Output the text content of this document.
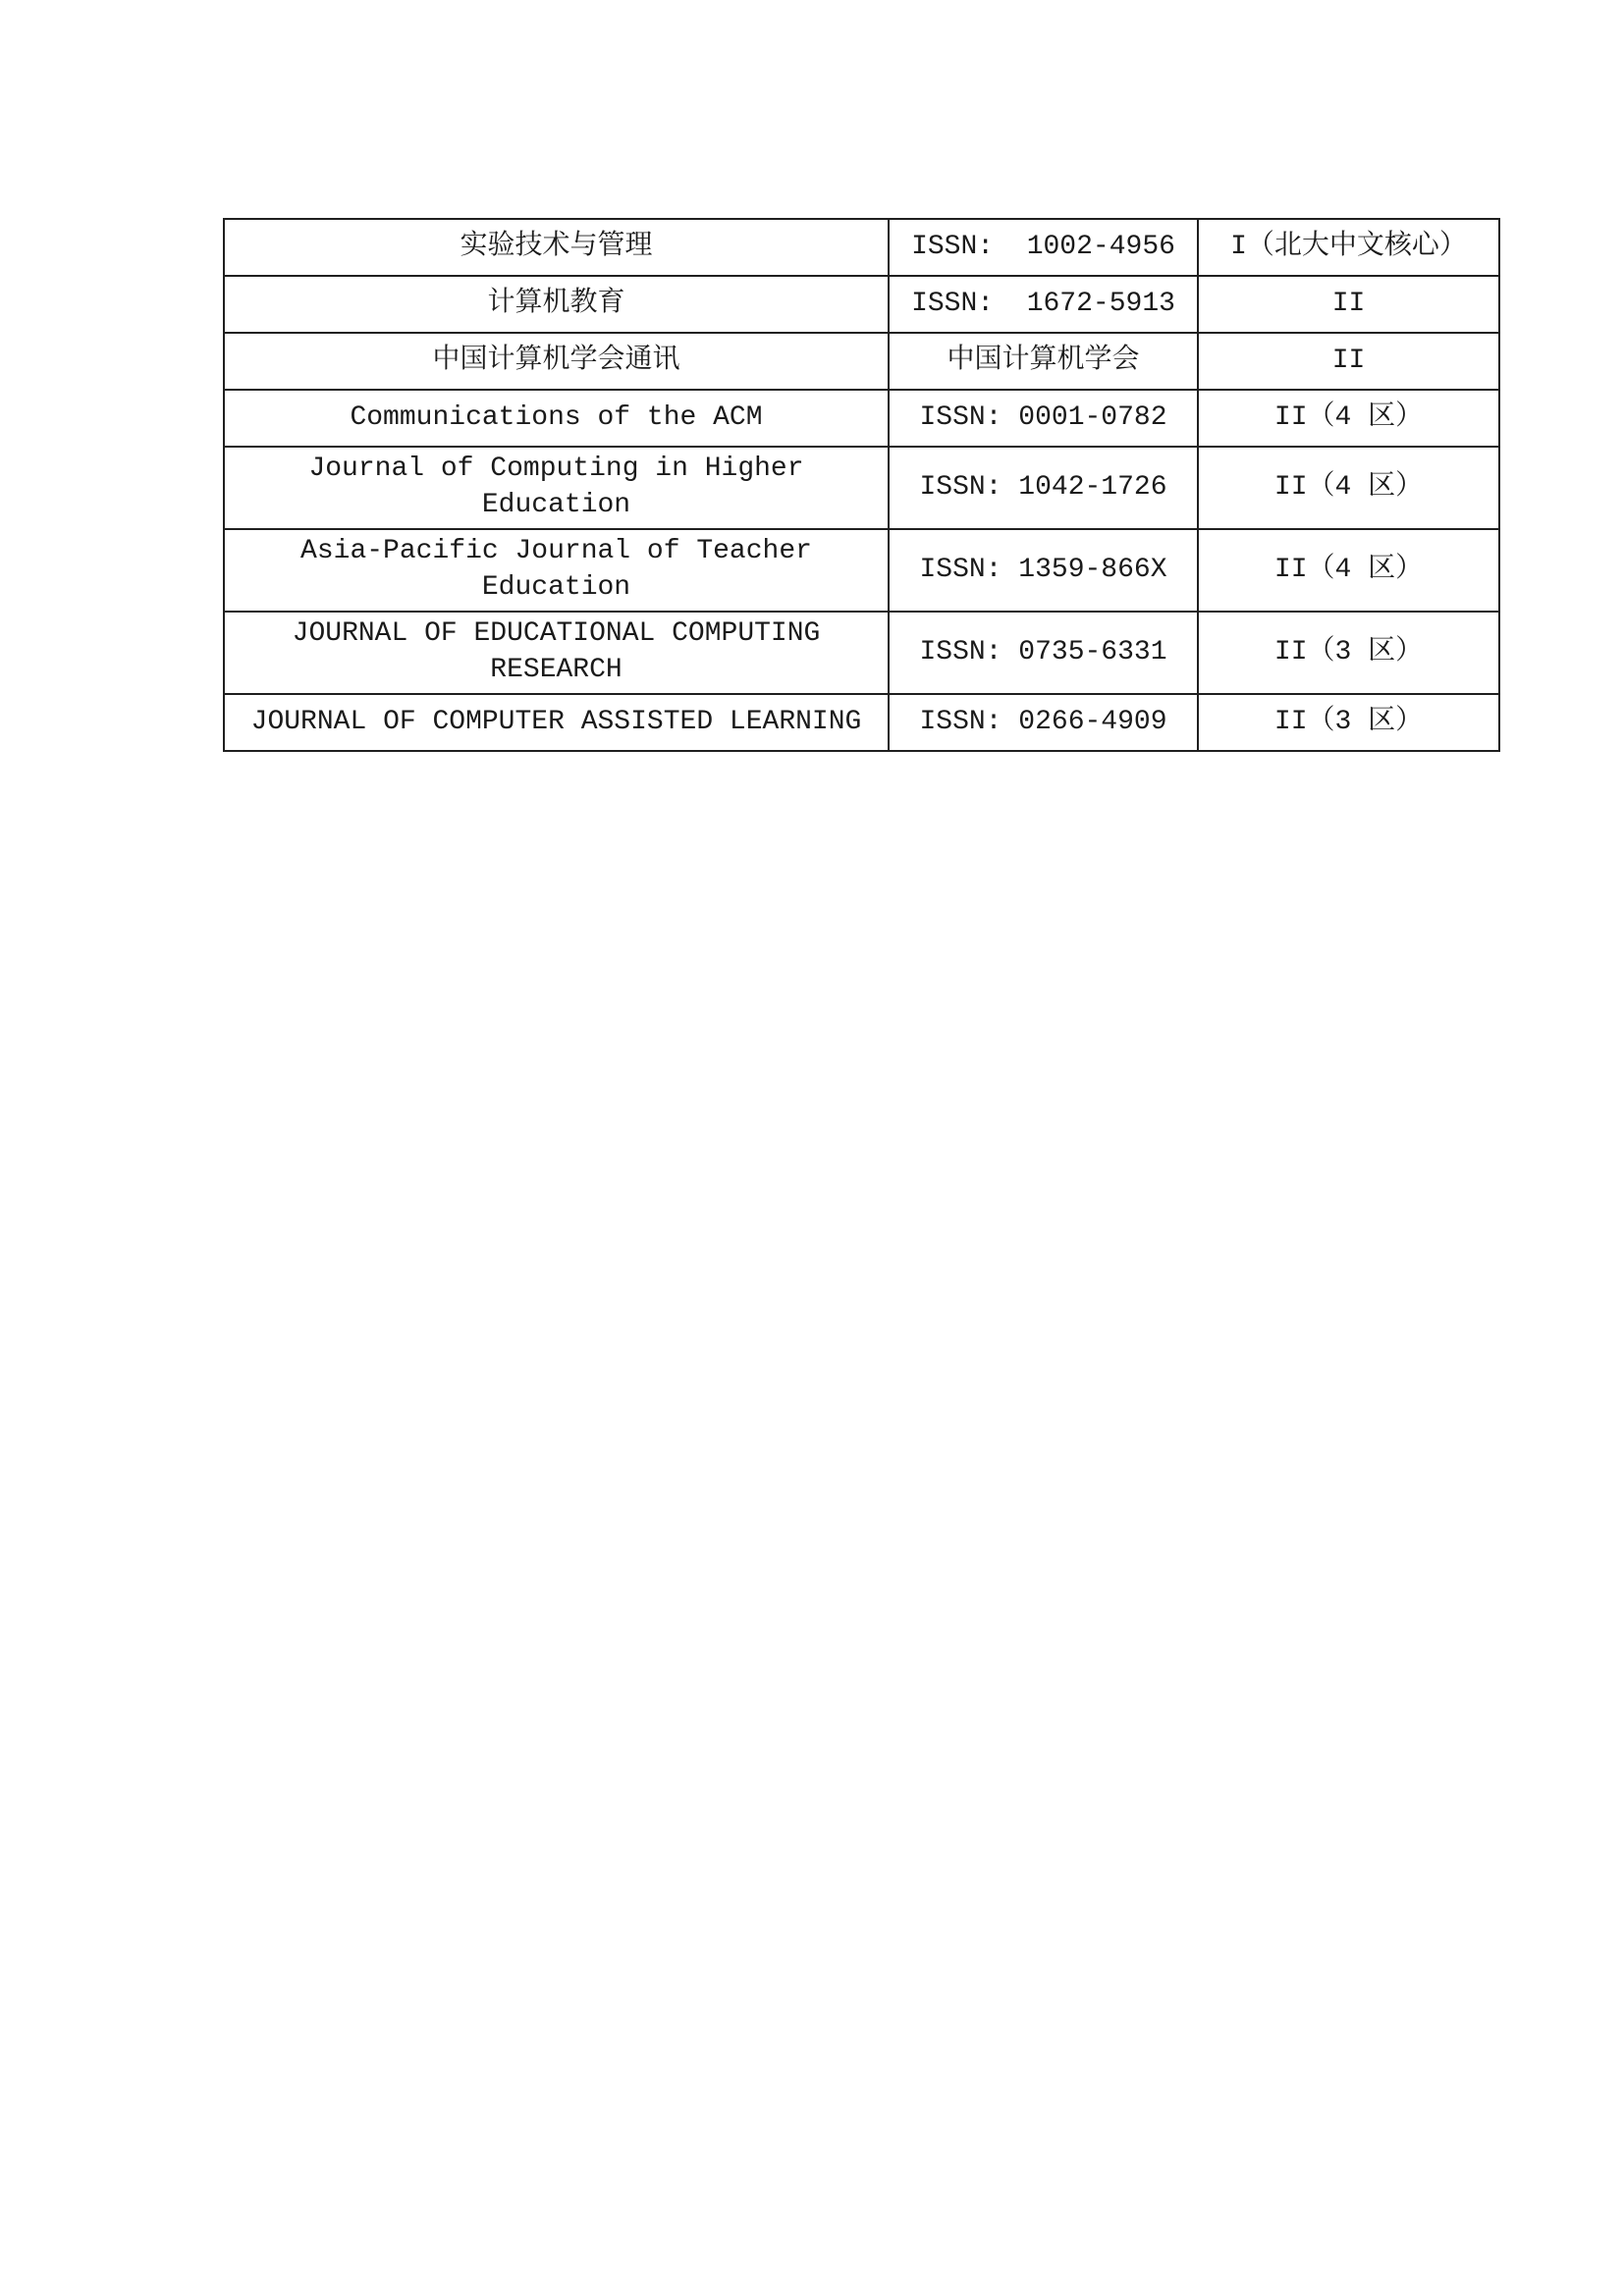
实验技术与管理	ISSN:  1002-4956	I（北大中文核心）
计算机教育	ISSN:  1672-5913	II
中国计算机学会通讯	中国计算机学会	II
Communications of the ACM	ISSN: 0001-0782	II（4 区）
Journal of Computing in Higher Education	ISSN: 1042-1726	II（4 区）
Asia-Pacific Journal of Teacher Education	ISSN: 1359-866X	II（4 区）
JOURNAL OF EDUCATIONAL COMPUTING RESEARCH	ISSN: 0735-6331	II（3 区）
JOURNAL OF COMPUTER ASSISTED LEARNING	ISSN: 0266-4909	II（3 区）
